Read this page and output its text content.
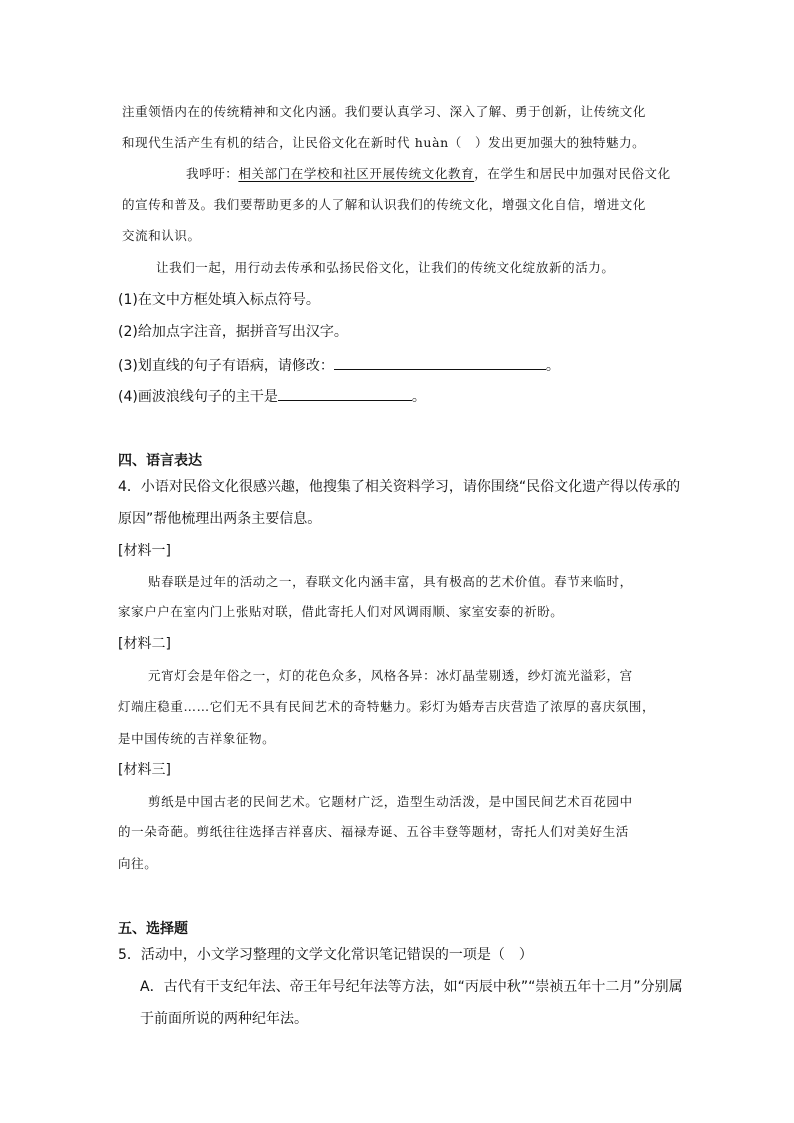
注重领悟内在的传统精神和文化内涵。我们要认真学习、深入了解、勇于创新，让传统文化
和现代生活产生有机的结合，让民俗文化在新时代 huàn（　）发出更加强大的独特魅力。
我呼吁：相关部门在学校和社区开展传统文化教育，在学生和居民中加强对民俗文化
的宣传和普及。我们要帮助更多的人了解和认识我们的传统文化，增强文化自信，增进文化
交流和认识。
让我们一起，用行动去传承和弘扬民俗文化，让我们的传统文化绽放新的活力。
(1)在文中方框处填入标点符号。
(2)给加点字注音，据拼音写出汉字。
(3)划直线的句子有语病，请修改：	。
(4)画波浪线句子的主干是	。
四、语言表达
4．小语对民俗文化很感兴趣，他搜集了相关资料学习，请你围绕“民俗文化遗产得以传承的
原因”帮他梳理出两条主要信息。
[材料一]
贴春联是过年的活动之一，春联文化内涵丰富，具有极高的艺术价值。春节来临时，
家家户户在室内门上张贴对联，借此寄托人们对风调雨顺、家室安泰的祈盼。
[材料二]
元宵灯会是年俗之一，灯的花色众多，风格各异：冰灯晶莹剔透，纱灯流光溢彩，宫
灯端庄稳重……它们无不具有民间艺术的奇特魅力。彩灯为婚寿吉庆营造了浓厚的喜庆氛围，
是中国传统的吉祥象征物。
[材料三]
剪纸是中国古老的民间艺术。它题材广泛，造型生动活泼，是中国民间艺术百花园中
的一朵奇葩。剪纸往往选择吉祥喜庆、福禄寿诞、五谷丰登等题材，寄托人们对美好生活
向往。
五、选择题
5．活动中，小文学习整理的文学文化常识笔记错误的一项是（　）
A．古代有干支纪年法、帝王年号纪年法等方法，如“丙辰中秋”“崇祯五年十二月”分别属
于前面所说的两种纪年法。
